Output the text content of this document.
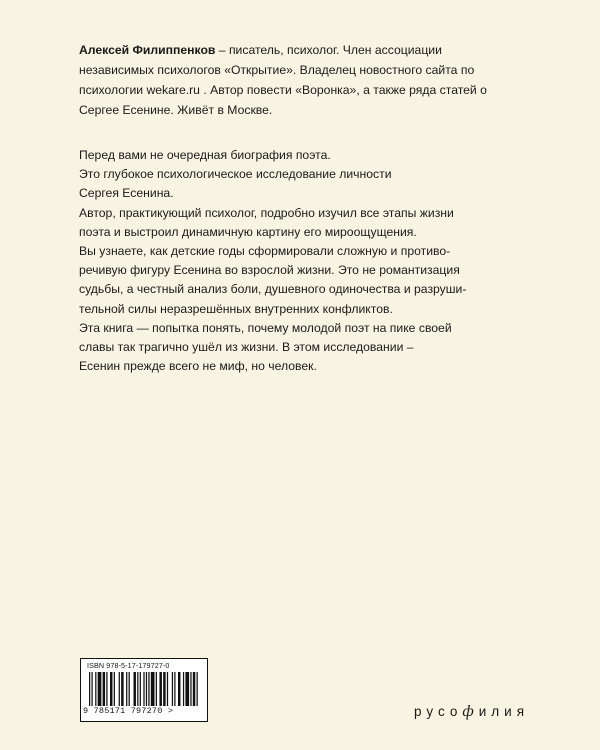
Алексей Филиппенков – писатель, психолог. Член ассоциации независимых психологов «Открытие». Владелец новостного сайта по психологии wekare.ru . Автор повести «Воронка», а также ряда статей о Сергее Есенине. Живёт в Москве.

Перед вами не очередная биография поэта.

Это глубокое психологическое исследование личности

Сергея Есенина.

Автор, практикующий психолог, подробно изучил все этапы жизни

поэта и выстроил динамичную картину его мироощущения.

Вы узнаете, как детские годы сформировали сложную и противо-

речивую фигуру Есенина во взрослой жизни. Это не романтизация

судьбы, а честный анализ боли, душевного одиночества и разруши-

тельной силы неразрешённых внутренних конфликтов.

Эта книга — попытка понять, почему молодой поэт на пике своей

славы так трагично ушёл из жизни. В этом исследовании –

Есенин прежде всего не миф, но человек.

ISBN 978-5-17-179727-0
9 785171 797270 >	русофилия
